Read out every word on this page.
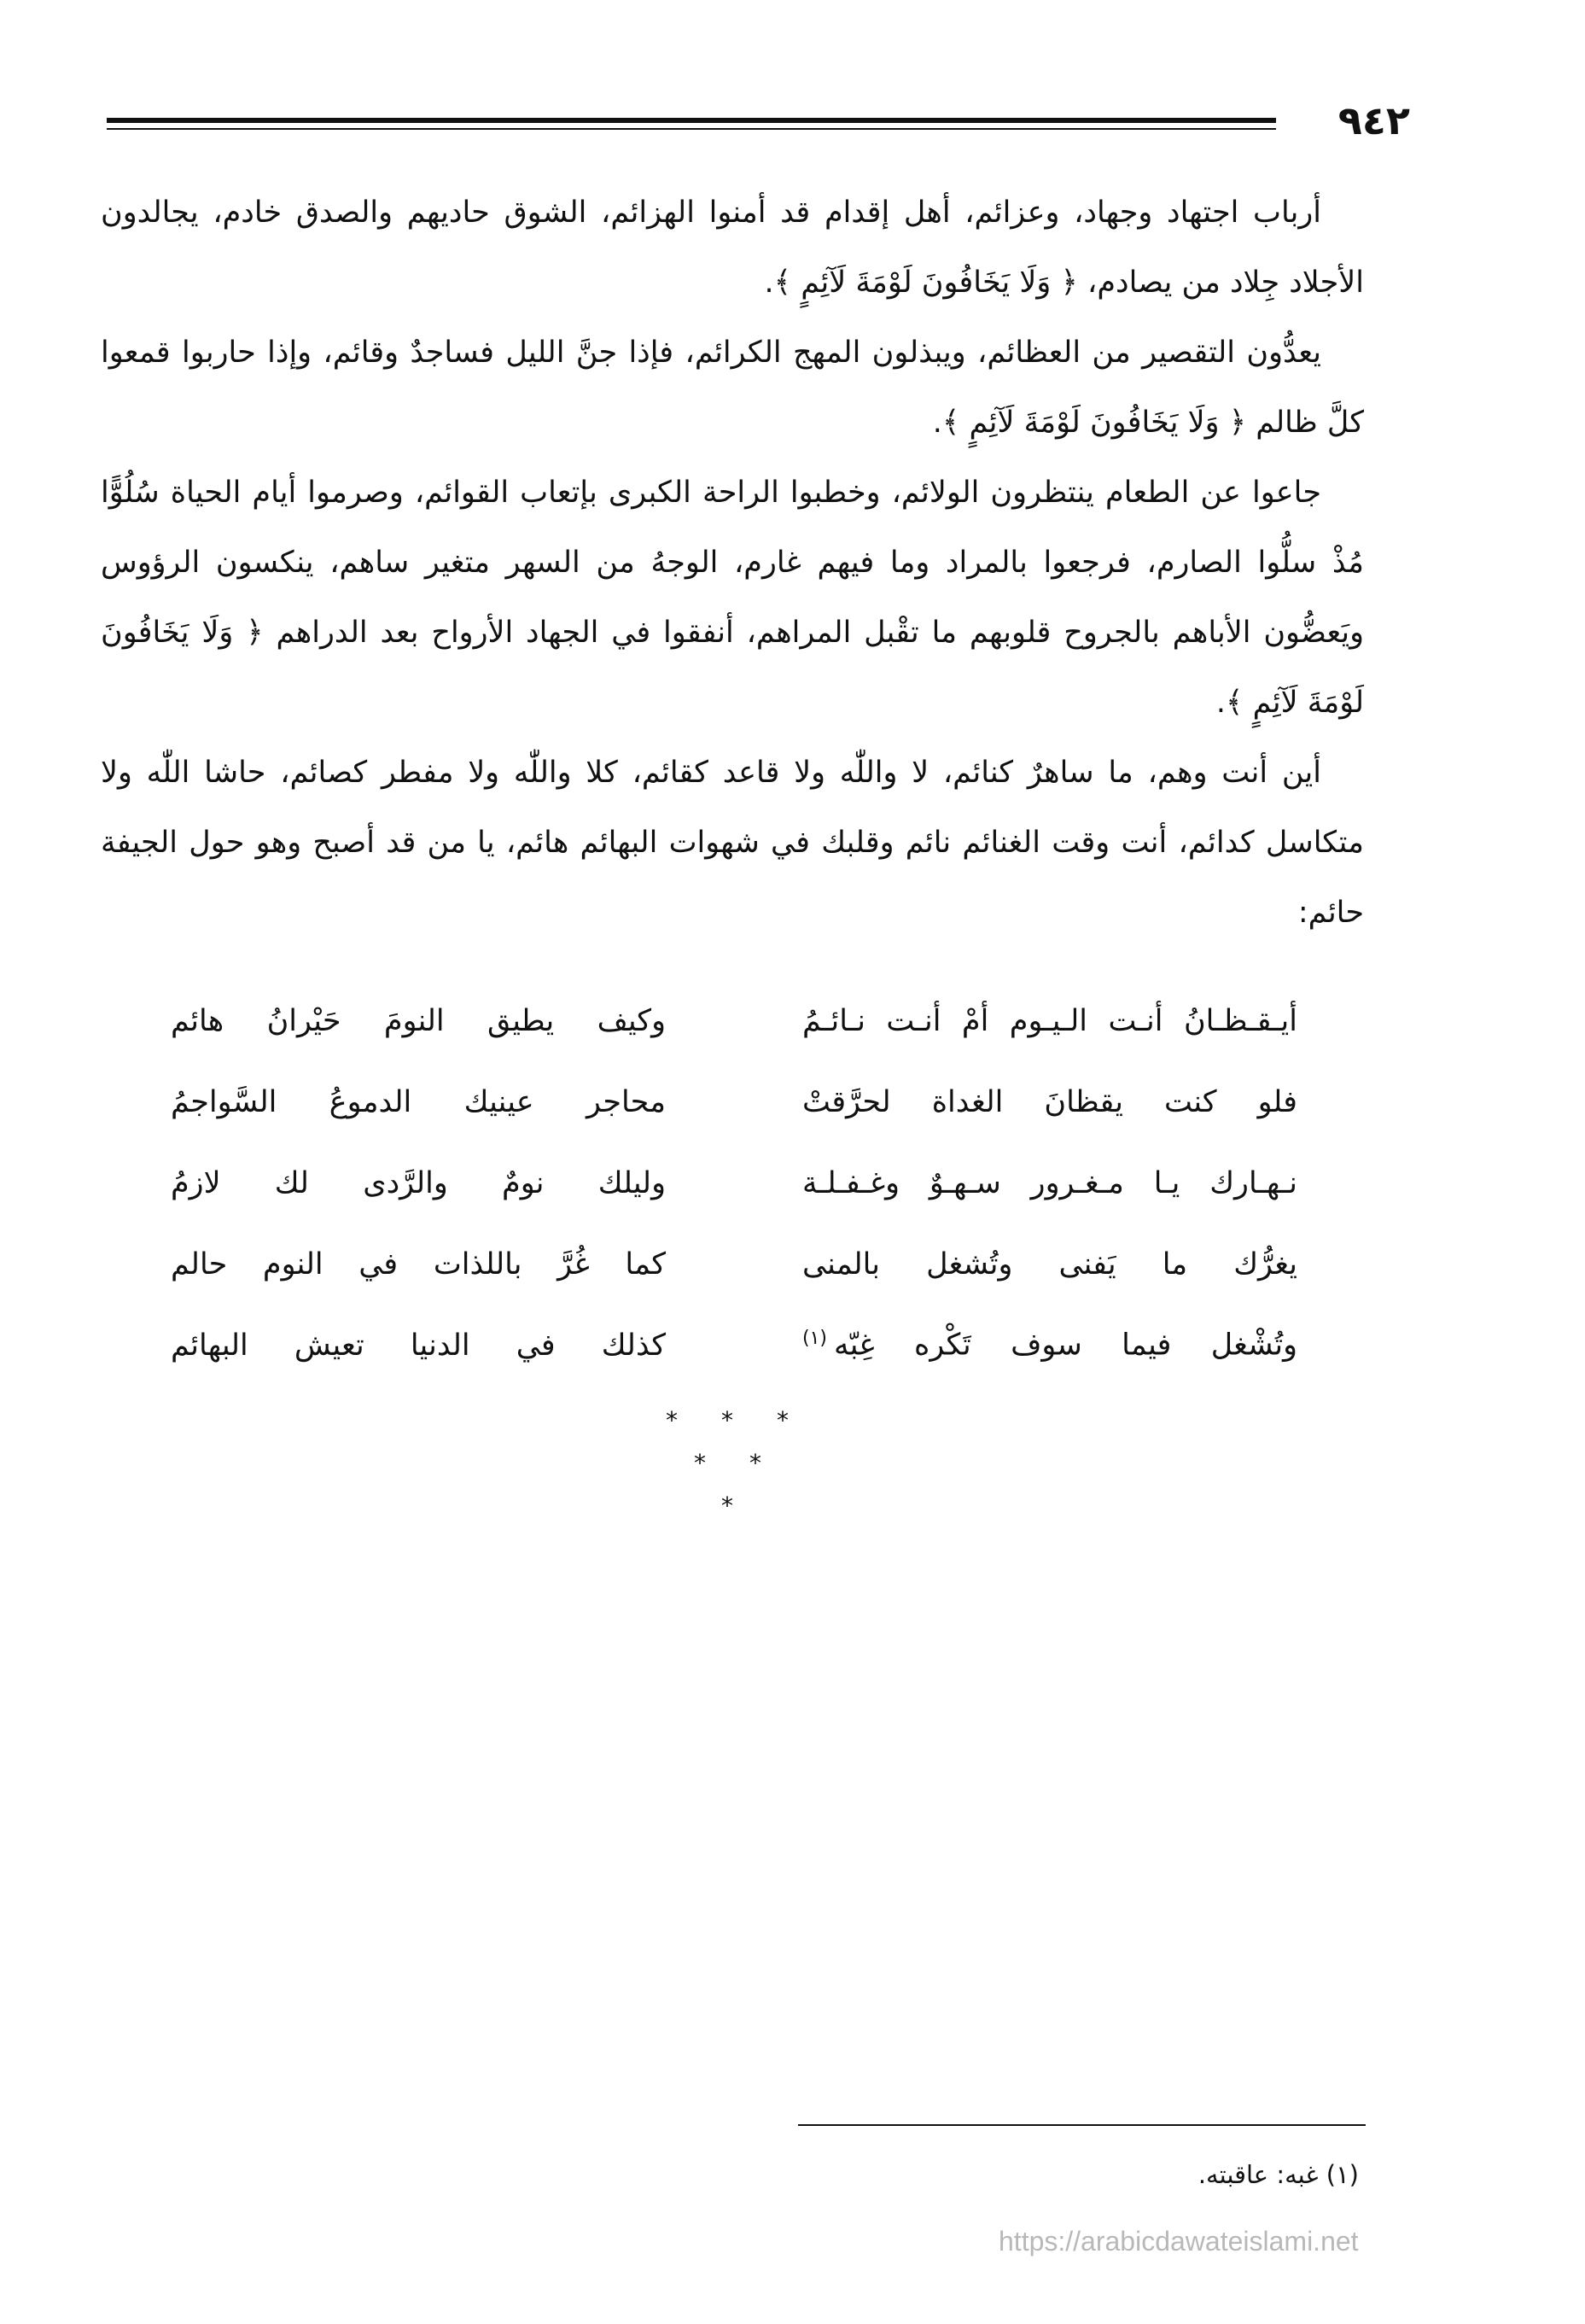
٩٤٢

أرباب اجتهاد وجهاد، وعزائم، أهل إقدام قد أمنوا الهزائم، الشوق حاديهم والصدق خادم، يجالدون الأجلاد جِلاد من يصادم، ﴿ وَلَا يَخَافُونَ لَوْمَةَ لَآئِمٍ ﴾.

يعدُّون التقصير من العظائم، ويبذلون المهج الكرائم، فإذا جنَّ الليل فساجدٌ وقائم، وإذا حاربوا قمعوا كلَّ ظالم ﴿ وَلَا يَخَافُونَ لَوْمَةَ لَآئِمٍ ﴾.

جاعوا عن الطعام ينتظرون الولائم، وخطبوا الراحة الكبرى بإتعاب القوائم، وصرموا أيام الحياة سُلُوًّا مُذْ سلُّوا الصارم، فرجعوا بالمراد وما فيهم غارم، الوجهُ من السهر متغير ساهم، ينكسون الرؤوس ويَعضُّون الأباهم بالجروح قلوبهم ما تقْبل المراهم، أنفقوا في الجهاد الأرواح بعد الدراهم ﴿ وَلَا يَخَافُونَ لَوْمَةَ لَآئِمٍ ﴾.

أين أنت وهم، ما ساهرٌ كنائم، لا واللّٰه ولا قاعد كقائم، كلا واللّٰه ولا مفطر كصائم، حاشا اللّٰه ولا متكاسل كدائم، أنت وقت الغنائم نائم وقلبك في شهوات البهائم هائم، يا من قد أصبح وهو حول الجيفة حائم:

أيـقـظـانُ أنـت الـيـوم أمْ أنـت نـائـمُ
وكيف يطيق النومَ حَيْرانُ هائم
فلو كنت يقظانَ الغداة لحرَّقتْ
محاجر عينيك الدموعُ السَّواجمُ
نـهـارك يـا مـغـرور سـهـوٌ وغـفـلـة
وليلك نومٌ والرَّدى لك لازمُ
يغرُّك ما يَفنى وتُشغل بالمنى
كما غُرَّ باللذات في النوم حالم
وتُشْغل فيما سوف تَكْره غِبّه$^{(١)}$
كذلك في الدنيا تعيش البهائم
*
*
*
*
*
*
(١) غبه: عاقبته.
https://arabicdawateislami.net
